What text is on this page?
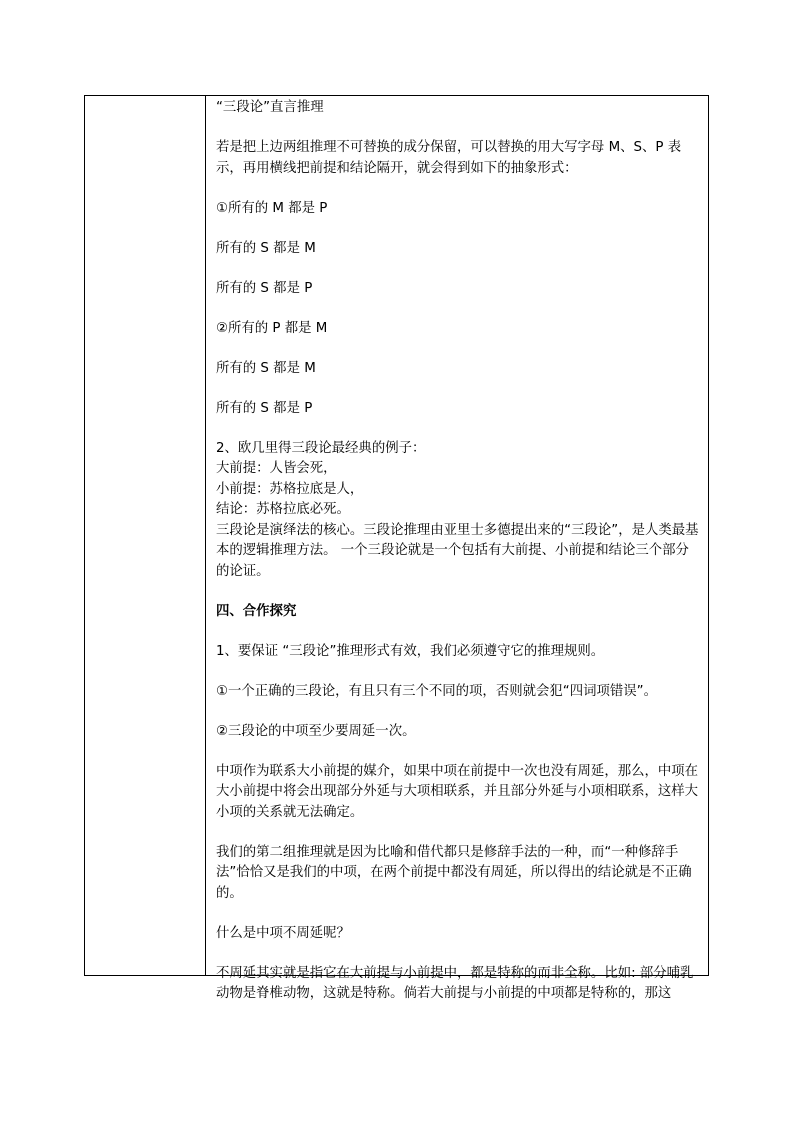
“三段论”直言推理

若是把上边两组推理不可替换的成分保留，可以替换的用大写字母 M、S、P 表示，再用横线把前提和结论隔开，就会得到如下的抽象形式：

①所有的 M 都是 P

所有的 S 都是 M

所有的 S 都是 P

②所有的 P 都是 M

所有的 S 都是 M

所有的 S 都是 P

2、欧几里得三段论最经典的例子：

大前提：人皆会死，

小前提：苏格拉底是人，

结论：苏格拉底必死。

三段论是演绎法的核心。三段论推理由亚里士多德提出来的“三段论”，是人类最基本的逻辑推理方法。 一个三段论就是一个包括有大前提、小前提和结论三个部分的论证。

四、合作探究

1、要保证 “三段论”推理形式有效，我们必须遵守它的推理规则。

①一个正确的三段论，有且只有三个不同的项，否则就会犯“四词项错误”。

②三段论的中项至少要周延一次。

中项作为联系大小前提的媒介，如果中项在前提中一次也没有周延，那么，中项在大小前提中将会出现部分外延与大项相联系，并且部分外延与小项相联系，这样大小项的关系就无法确定。

我们的第二组推理就是因为比喻和借代都只是修辞手法的一种，而“一种修辞手法”恰恰又是我们的中项，在两个前提中都没有周延，所以得出的结论就是不正确的。

什么是中项不周延呢？

不周延其实就是指它在大前提与小前提中，都是特称的而非全称。比如: 部分哺乳动物是脊椎动物，这就是特称。倘若大前提与小前提的中项都是特称的，那这
